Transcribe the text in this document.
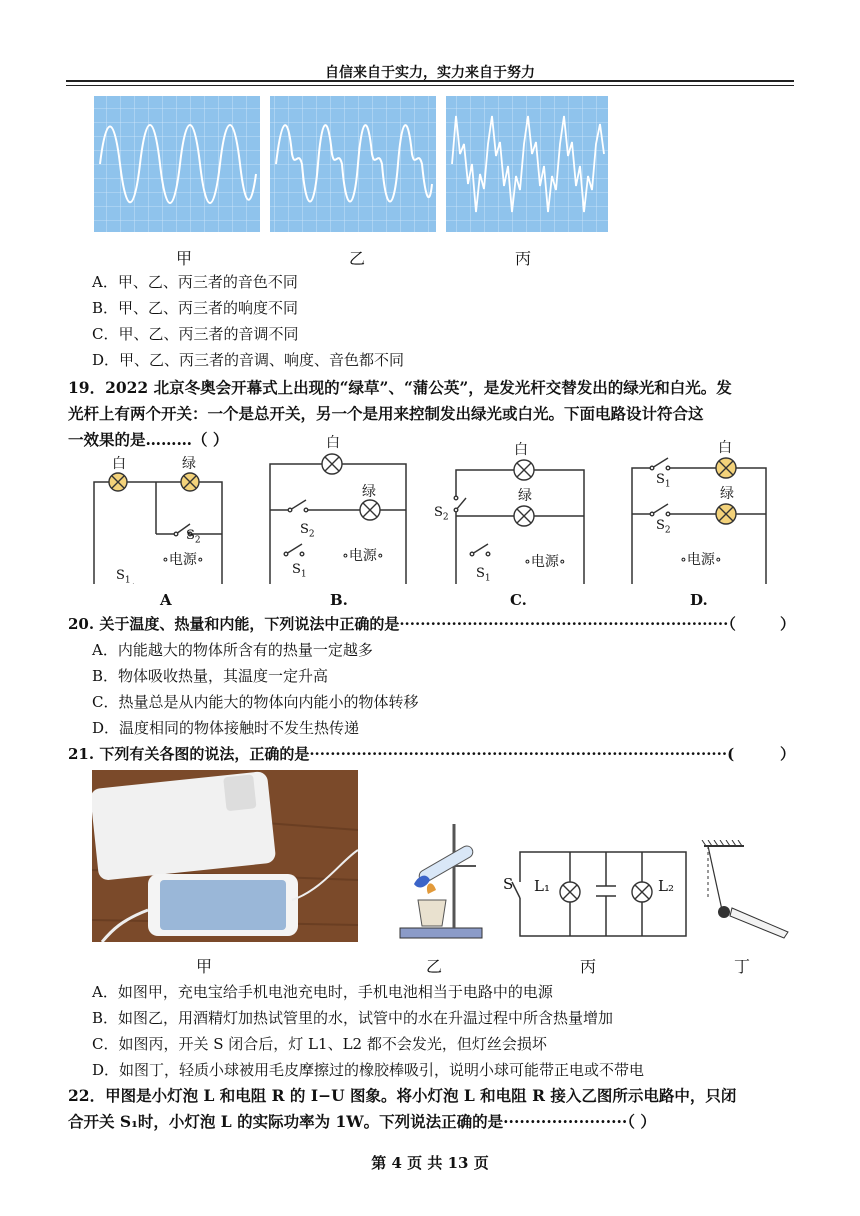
自信来自于实力，实力来自于努力
甲	乙	丙
A．甲、乙、丙三者的音色不同
B．甲、乙、丙三者的响度不同
C．甲、乙、丙三者的音调不同
D．甲、乙、丙三者的音调、响度、音色都不同
19．2022 北京冬奥会开幕式上出现的“绿草”、“蒲公英”，是发光杆交替发出的绿光和白光。发
光杆上有两个开关：一个是总开关，另一个是用来控制发出绿光或白光。下面电路设计符合这
一效果的是………（ ）
白	绿
$S_2$
$S_1$
∘电源∘
白
绿
$S_2$
$S_1$
∘电源∘
白
绿
$S_2$
$S_1$
∘电源∘
白
绿
$S_1$
$S_2$
∘电源∘
A	B.	C.	D.
20. 关于温度、热量和内能，下列说法中正确的是·······························································（	）
A．内能越大的物体所含有的热量一定越多
B．物体吸收热量，其温度一定升高
C．热量总是从内能大的物体向内能小的物体转移
D．温度相同的物体接触时不发生热传递
21. 下列有关各图的说法，正确的是················································································(	）
S L₁	L₂
甲	乙	丙	丁
A．如图甲，充电宝给手机电池充电时，手机电池相当于电路中的电源
B．如图乙，用酒精灯加热试管里的水，试管中的水在升温过程中所含热量增加
C．如图丙，开关 S 闭合后，灯 L1、L2 都不会发光，但灯丝会损坏
D．如图丁，轻质小球被用毛皮摩擦过的橡胶棒吸引，说明小球可能带正电或不带电
22．甲图是小灯泡 L 和电阻 R 的 I−U 图象。将小灯泡 L 和电阻 R 接入乙图所示电路中，只闭
合开关 S₁时，小灯泡 L 的实际功率为 1W。下列说法正确的是·······················（ ）
第 4 页 共 13 页
